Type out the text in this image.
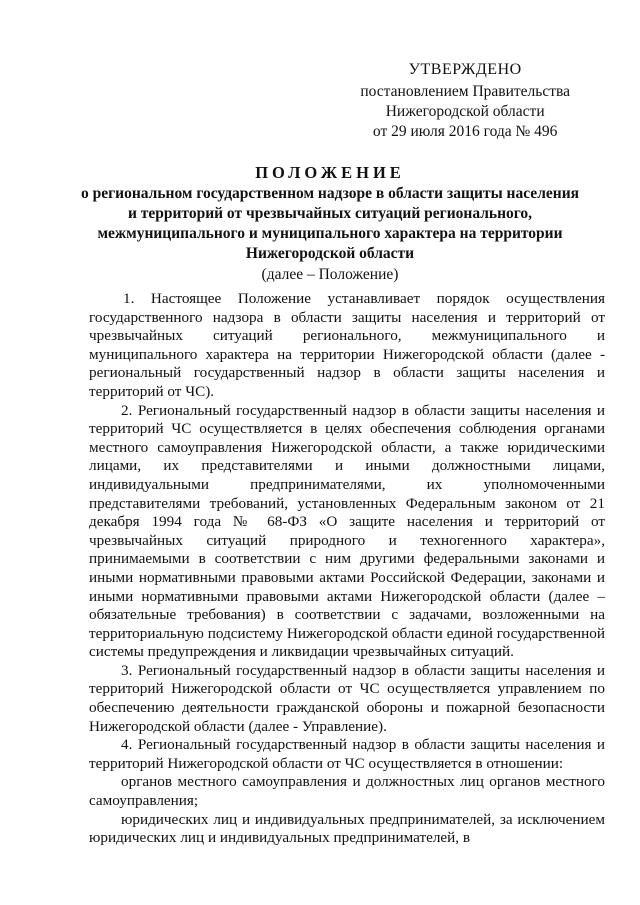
УТВЕРЖДЕНО
постановлением Правительства
Нижегородской области
от 29 июля 2016 года № 496
ПОЛОЖЕНИЕ
о региональном государственном надзоре в области защиты населения и территорий от чрезвычайных ситуаций регионального, межмуниципального и муниципального характера на территории Нижегородской области
(далее – Положение)

1. Настоящее Положение устанавливает порядок осуществления государственного надзора в области защиты населения и территорий от чрезвычайных ситуаций регионального, межмуниципального и муниципального характера на территории Нижегородской области (далее - региональный государственный надзор в области защиты населения и территорий от ЧС).

2. Региональный государственный надзор в области защиты населения и территорий ЧС осуществляется в целях обеспечения соблюдения органами местного самоуправления Нижегородской области, а также юридическими лицами, их представителями и иными должностными лицами, индивидуальными предпринимателями, их уполномоченными представителями требований, установленных Федеральным законом от 21 декабря 1994 года № 68-ФЗ «О защите населения и территорий от чрезвычайных ситуаций природного и техногенного характера», принимаемыми в соответствии с ним другими федеральными законами и иными нормативными правовыми актами Российской Федерации, законами и иными нормативными правовыми актами Нижегородской области (далее – обязательные требования) в соответствии с задачами, возложенными на территориальную подсистему Нижегородской области единой государственной системы предупреждения и ликвидации чрезвычайных ситуаций.

3. Региональный государственный надзор в области защиты населения и территорий Нижегородской области от ЧС осуществляется управлением по обеспечению деятельности гражданской обороны и пожарной безопасности Нижегородской области (далее - Управление).

4. Региональный государственный надзор в области защиты населения и территорий Нижегородской области от ЧС осуществляется в отношении:

органов местного самоуправления и должностных лиц органов местного самоуправления;

юридических лиц и индивидуальных предпринимателей, за исключением юридических лиц и индивидуальных предпринимателей, в
